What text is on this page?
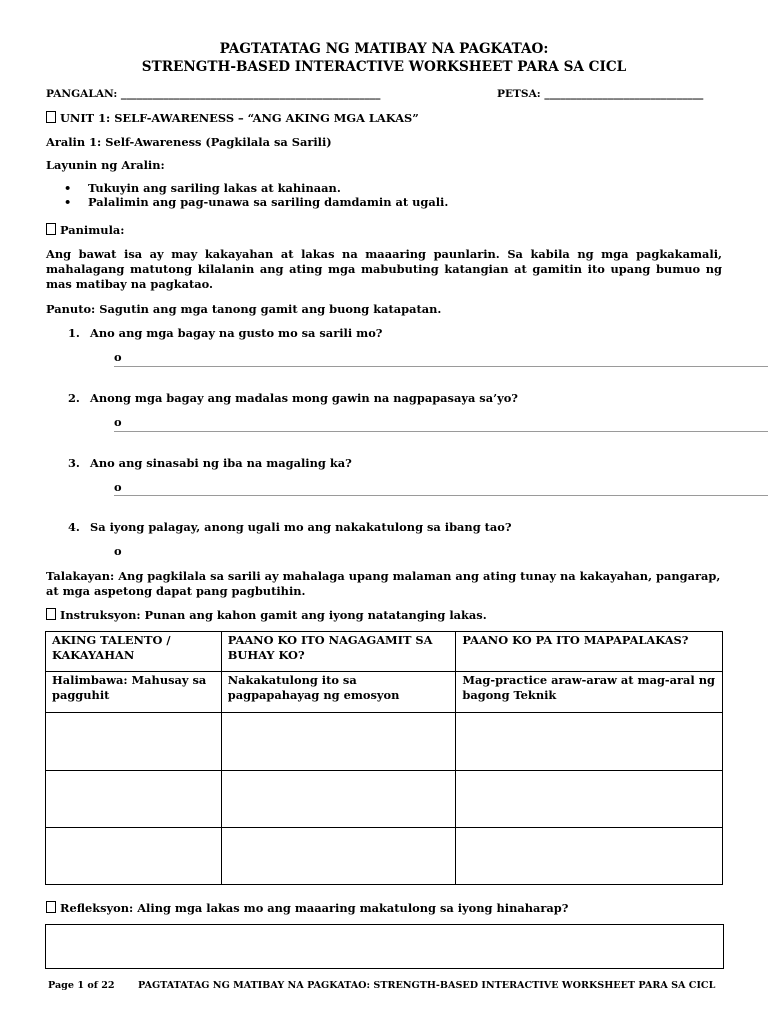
PAGTATATAG NG MATIBAY NA PAGKATAO:
STRENGTH-BASED INTERACTIVE WORKSHEET PARA SA CICL
PANGALAN: _________________________________________________	PETSA: ______________________________
UNIT 1: SELF-AWARENESS – “ANG AKING MGA LAKAS”
Aralin 1: Self-Awareness (Pagkilala sa Sarili)
Layunin ng Aralin:
• Tukuyin ang sariling lakas at kahinaan.
• Palalimin ang pag-unawa sa sariling damdamin at ugali.
Panimula:
Ang bawat isa ay may kakayahan at lakas na maaaring paunlarin. Sa kabila ng mga pagkakamali, mahalagang matutong kilalanin ang ating mga mabubuting katangian at gamitin ito upang bumuo ng mas matibay na pagkatao.
Panuto: Sagutin ang mga tanong gamit ang buong katapatan.
1. Ano ang mga bagay na gusto mo sa sarili mo?
o
2. Anong mga bagay ang madalas mong gawin na nagpapasaya sa’yo?
o
3. Ano ang sinasabi ng iba na magaling ka?
o
4. Sa iyong palagay, anong ugali mo ang nakakatulong sa ibang tao?
o
Talakayan: Ang pagkilala sa sarili ay mahalaga upang malaman ang ating tunay na kakayahan, pangarap, at mga aspetong dapat pang pagbutihin.
Instruksyon: Punan ang kahon gamit ang iyong natatanging lakas.
AKING TALENTO / KAKAYAHAN	PAANO KO ITO NAGAGAMIT SA BUHAY KO?	PAANO KO PA ITO MAPAPALAKAS?
Halimbawa: Mahusay sa pagguhit	Nakakatulong ito sa pagpapahayag ng emosyon	Mag-practice araw-araw at mag-aral ng bagong Teknik

Refleksyon: Aling mga lakas mo ang maaaring makatulong sa iyong hinaharap?
Page 1 of 22 PAGTATATAG NG MATIBAY NA PAGKATAO: STRENGTH-BASED INTERACTIVE WORKSHEET PARA SA CICL
